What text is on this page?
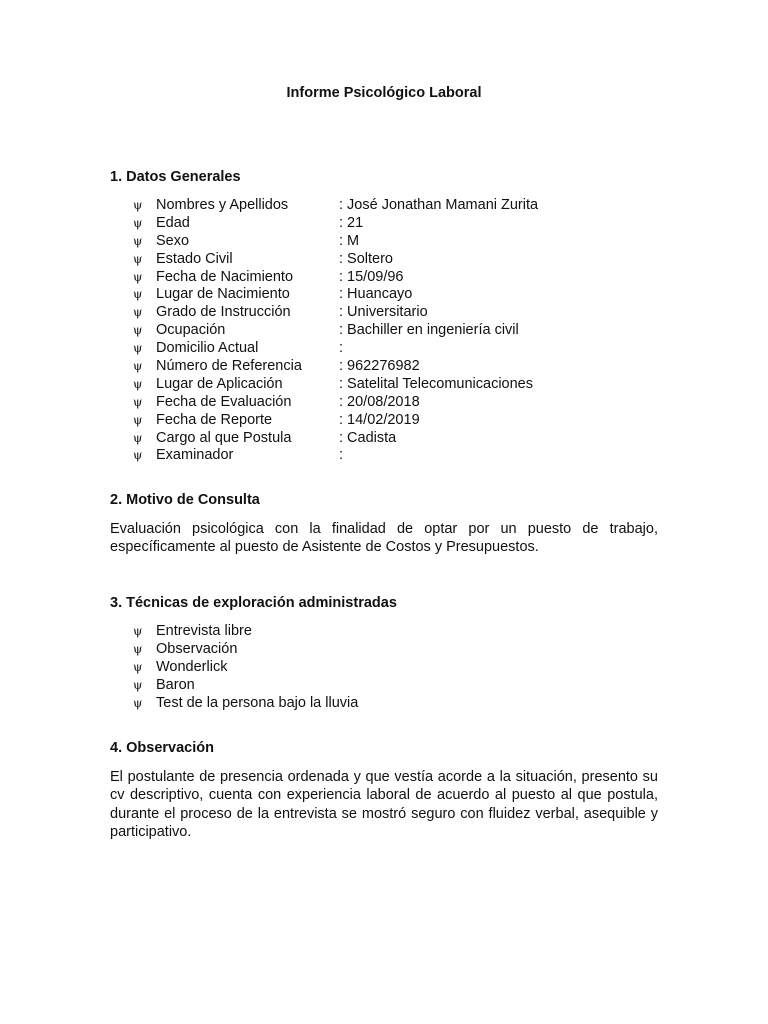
Informe Psicológico Laboral
1. Datos Generales
ψ Nombres y Apellidos	: José Jonathan Mamani Zurita
ψ Edad	: 21
ψ Sexo	: M
ψ Estado Civil	: Soltero
ψ Fecha de Nacimiento	: 15/09/96
ψ Lugar de Nacimiento	: Huancayo
ψ Grado de Instrucción	: Universitario
ψ Ocupación	: Bachiller en ingeniería civil
ψ Domicilio Actual	:
ψ Número de Referencia	: 962276982
ψ Lugar de Aplicación	: Satelital Telecomunicaciones
ψ Fecha de Evaluación	: 20/08/2018
ψ Fecha de Reporte	: 14/02/2019
ψ Cargo al que Postula	: Cadista
ψ Examinador	:
2. Motivo de Consulta

Evaluación psicológica con la finalidad de optar por un puesto de trabajo, específicamente al puesto de Asistente de Costos y Presupuestos.

3. Técnicas de exploración administradas
ψ Entrevista libre
ψ Observación
ψ Wonderlick
ψ Baron
ψ Test de la persona bajo la lluvia
4. Observación

El postulante de presencia ordenada y que vestía acorde a la situación, presento su cv descriptivo, cuenta con experiencia laboral de acuerdo al puesto al que postula, durante el proceso de la entrevista se mostró seguro con fluidez verbal, asequible y participativo.
